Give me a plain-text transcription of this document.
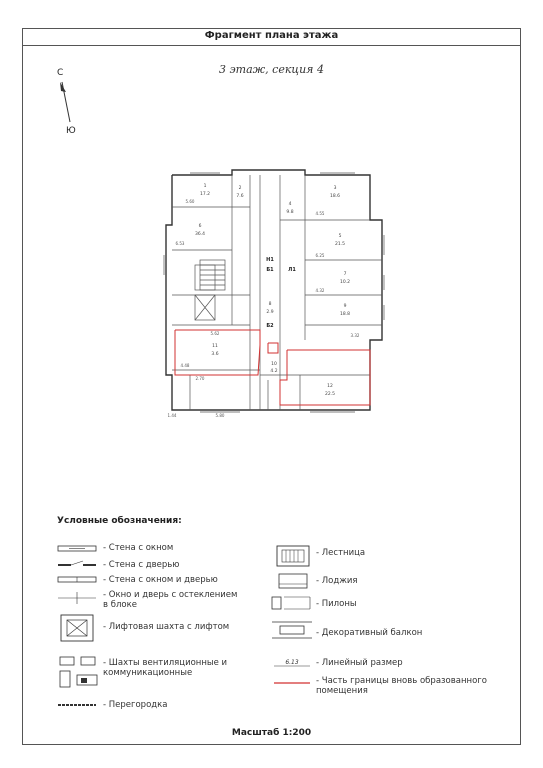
Фрагмент плана этажа
3 этаж, секция 4
С
Ю
1
17.2
2
7.6
3
18.6
4
9.8
5
21.5
6
36.4
7
10.2
8
2.9
9
18.8
10
4.2
11
3.6
12
22.5
5.60
4.55
6.25
4.32
5.62
4.48
2.70
1.44
3.32
5.80
6.53
Б1
Н1
Б2
Л1
Условные обозначения:
- Стена с окном
- Стена с дверью
- Стена с окном и дверью
- Окно и дверь с остеклением в блоке
- Лифтовая шахта с лифтом
- Шахты вентиляционные и коммуникационные
- Перегородка
- Лестница
- Лоджия
- Пилоны
- Декоративный балкон
6.13 - Линейный размер
- Часть границы вновь образованного помещения
Масштаб 1:200
